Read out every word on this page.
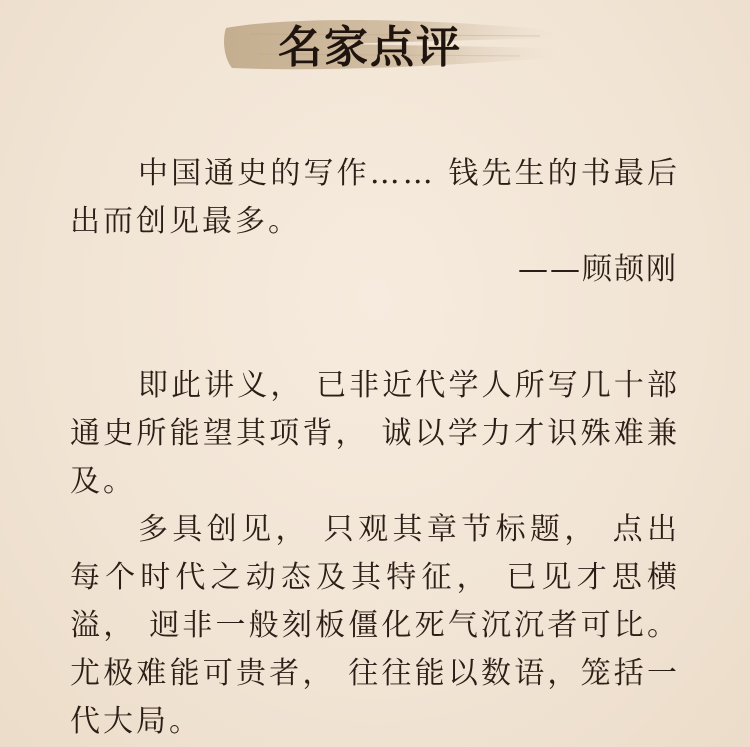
名家点评

中国通史的写作…… 钱先生的书最后出而创见最多。

——顾颉刚

即此讲义， 已非近代学人所写几十部通史所能望其项背， 诚以学力才识殊难兼及。

多具创见， 只观其章节标题， 点出每个时代之动态及其特征， 已见才思横溢， 迥非一般刻板僵化死气沉沉者可比。尤极难能可贵者， 往往能以数语，笼括一代大局。
